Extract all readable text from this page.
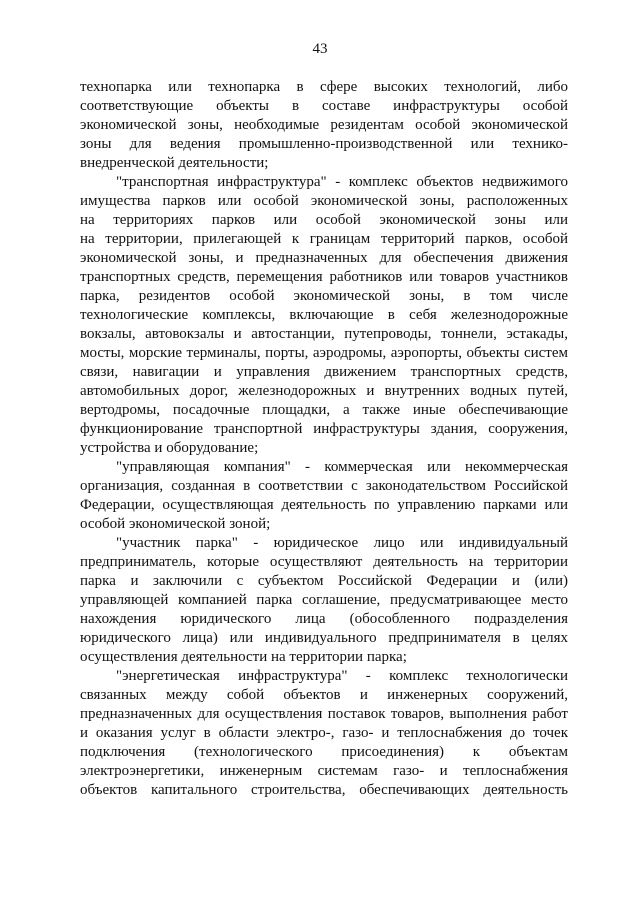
43
технопарка или технопарка в сфере высоких технологий, либо
соответствующие объекты в составе инфраструктуры особой
экономической зоны, необходимые резидентам особой экономической
зоны для ведения промышленно-производственной или технико-
внедренческой деятельности;
"транспортная инфраструктура" - комплекс объектов недвижимого
имущества парков или особой экономической зоны, расположенных
на территориях парков или особой экономической зоны или
на территории, прилегающей к границам территорий парков, особой
экономической зоны, и предназначенных для обеспечения движения
транспортных средств, перемещения работников или товаров участников
парка, резидентов особой экономической зоны, в том числе
технологические комплексы, включающие в себя железнодорожные
вокзалы, автовокзалы и автостанции, путепроводы, тоннели, эстакады,
мосты, морские терминалы, порты, аэродромы, аэропорты, объекты систем
связи, навигации и управления движением транспортных средств,
автомобильных дорог, железнодорожных и внутренних водных путей,
вертодромы, посадочные площадки, а также иные обеспечивающие
функционирование транспортной инфраструктуры здания, сооружения,
устройства и оборудование;
"управляющая компания" - коммерческая или некоммерческая
организация, созданная в соответствии с законодательством Российской
Федерации, осуществляющая деятельность по управлению парками или
особой экономической зоной;
"участник парка" - юридическое лицо или индивидуальный
предприниматель, которые осуществляют деятельность на территории
парка и заключили с субъектом Российской Федерации и (или)
управляющей компанией парка соглашение, предусматривающее место
нахождения юридического лица (обособленного подразделения
юридического лица) или индивидуального предпринимателя в целях
осуществления деятельности на территории парка;
"энергетическая инфраструктура" - комплекс технологически
связанных между собой объектов и инженерных сооружений,
предназначенных для осуществления поставок товаров, выполнения работ
и оказания услуг в области электро-, газо- и теплоснабжения до точек
подключения (технологического присоединения) к объектам
электроэнергетики, инженерным системам газо- и теплоснабжения
объектов капитального строительства, обеспечивающих деятельность
